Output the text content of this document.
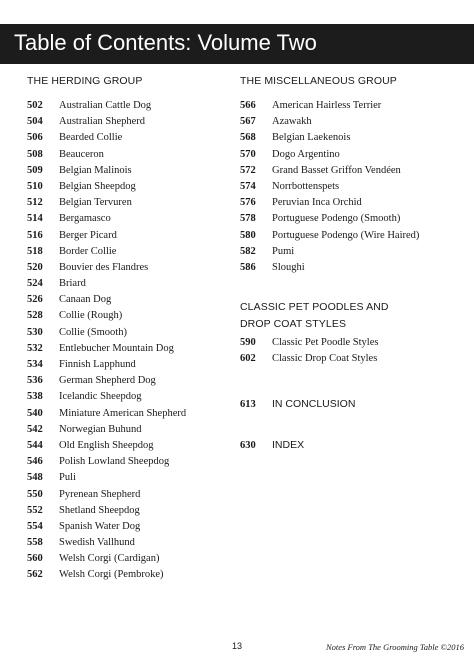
Table of Contents: Volume Two

THE HERDING GROUP

502 Australian Cattle Dog
504 Australian Shepherd
506 Bearded Collie
508 Beauceron
509 Belgian Malinois
510 Belgian Sheepdog
512 Belgian Tervuren
514 Bergamasco
516 Berger Picard
518 Border Collie
520 Bouvier des Flandres
524 Briard
526 Canaan Dog
528 Collie (Rough)
530 Collie (Smooth)
532 Entlebucher Mountain Dog
534 Finnish Lapphund
536 German Shepherd Dog
538 Icelandic Sheepdog
540 Miniature American Shepherd
542 Norwegian Buhund
544 Old English Sheepdog
546 Polish Lowland Sheepdog
548 Puli
550 Pyrenean Shepherd
552 Shetland Sheepdog
554 Spanish Water Dog
558 Swedish Vallhund
560 Welsh Corgi (Cardigan)
562 Welsh Corgi (Pembroke)

THE MISCELLANEOUS GROUP

566 American Hairless Terrier
567 Azawakh
568 Belgian Laekenois
570 Dogo Argentino
572 Grand Basset Griffon Vendéen
574 Norrbottenspets
576 Peruvian Inca Orchid
578 Portuguese Podengo (Smooth)
580 Portuguese Podengo (Wire Haired)
582 Pumi
586 Sloughi

CLASSIC PET POODLES AND

DROP COAT STYLES

590 Classic Pet Poodle Styles
602 Classic Drop Coat Styles
613 IN CONCLUSION
630 INDEX
13	Notes From The Grooming Table ©2016
